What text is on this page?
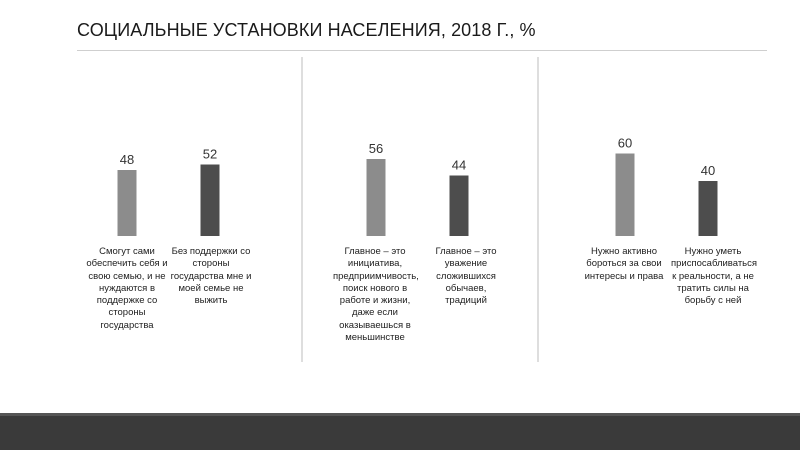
СОЦИАЛЬНЫЕ УСТАНОВКИ НАСЕЛЕНИЯ, 2018 Г., %
48	52	56
44
60
40
Смогут сами обеспечить себя и свою семью, и не нуждаются в поддержке со стороны государства
Без поддержки со стороны государства мне и моей семье не выжить
Главное – это инициатива, предприимчивость, поиск нового в работе и жизни, даже если оказываешься в меньшинстве
Главное – это уважение сложившихся обычаев, традиций
Нужно активно бороться за свои интересы и права
Нужно уметь приспосабливаться к реальности, а не тратить силы на борьбу с ней
